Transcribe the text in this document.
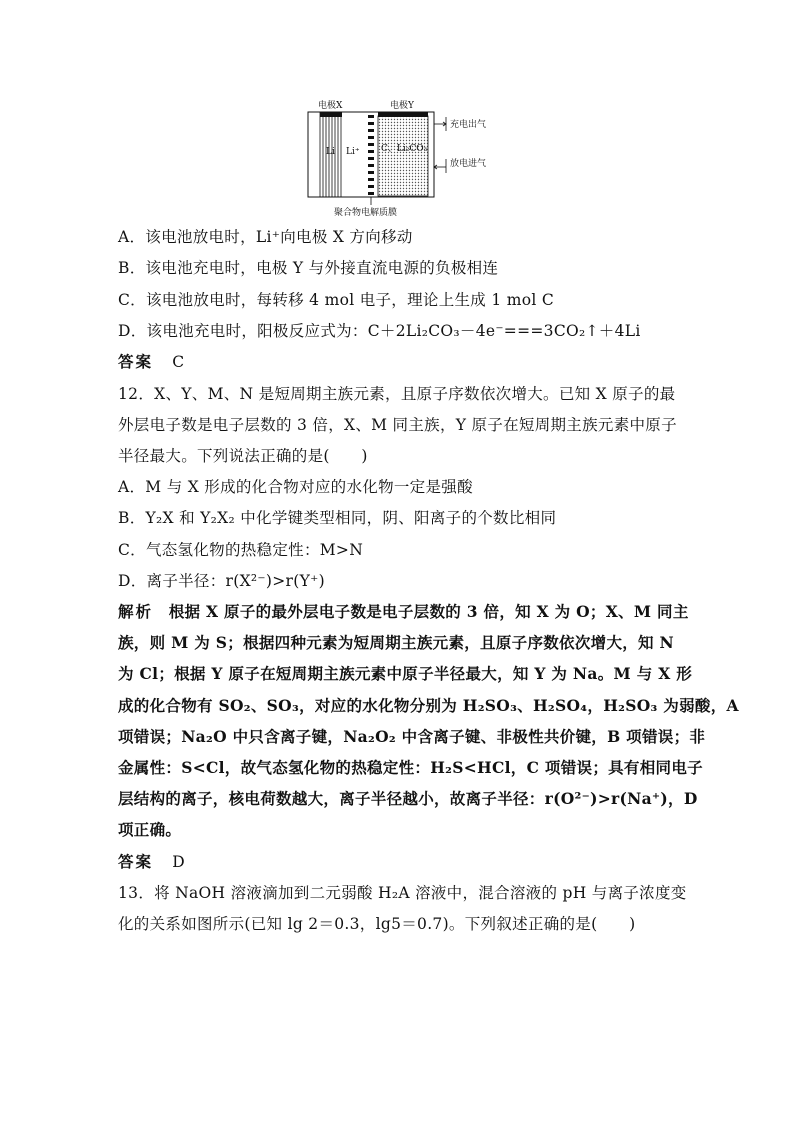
电极X	电极Y
充电出气
放电进气
Li Li⁺ C、Li₂CO₃
聚合物电解质膜
A．该电池放电时，Li⁺向电极 X 方向移动
B．该电池充电时，电极 Y 与外接直流电源的负极相连
C．该电池放电时，每转移 4 mol 电子，理论上生成 1 mol C
D．该电池充电时，阳极反应式为：C＋2Li₂CO₃－4e⁻===3CO₂↑＋4Li
答案 C
12．X、Y、M、N 是短周期主族元素，且原子序数依次增大。已知 X 原子的最
外层电子数是电子层数的 3 倍，X、M 同主族，Y 原子在短周期主族元素中原子
半径最大。下列说法正确的是(　　)
A．M 与 X 形成的化合物对应的水化物一定是强酸
B．Y₂X 和 Y₂X₂ 中化学键类型相同，阴、阳离子的个数比相同
C．气态氢化物的热稳定性：M>N
D．离子半径：r(X²⁻)>r(Y⁺)
解析 根据 X 原子的最外层电子数是电子层数的 3 倍，知 X 为 O；X、M 同主
族，则 M 为 S；根据四种元素为短周期主族元素，且原子序数依次增大，知 N
为 Cl；根据 Y 原子在短周期主族元素中原子半径最大，知 Y 为 Na。M 与 X 形
成的化合物有 SO₂、SO₃，对应的水化物分别为 H₂SO₃、H₂SO₄，H₂SO₃ 为弱酸，A
项错误；Na₂O 中只含离子键，Na₂O₂ 中含离子键、非极性共价键，B 项错误；非
金属性：S<Cl，故气态氢化物的热稳定性：H₂S<HCl，C 项错误；具有相同电子
层结构的离子，核电荷数越大，离子半径越小，故离子半径：r(O²⁻)>r(Na⁺)，D
项正确。
答案 D
13．将 NaOH 溶液滴加到二元弱酸 H₂A 溶液中，混合溶液的 pH 与离子浓度变
化的关系如图所示(已知 lg 2＝0.3，lg5＝0.7)。下列叙述正确的是(　　)
